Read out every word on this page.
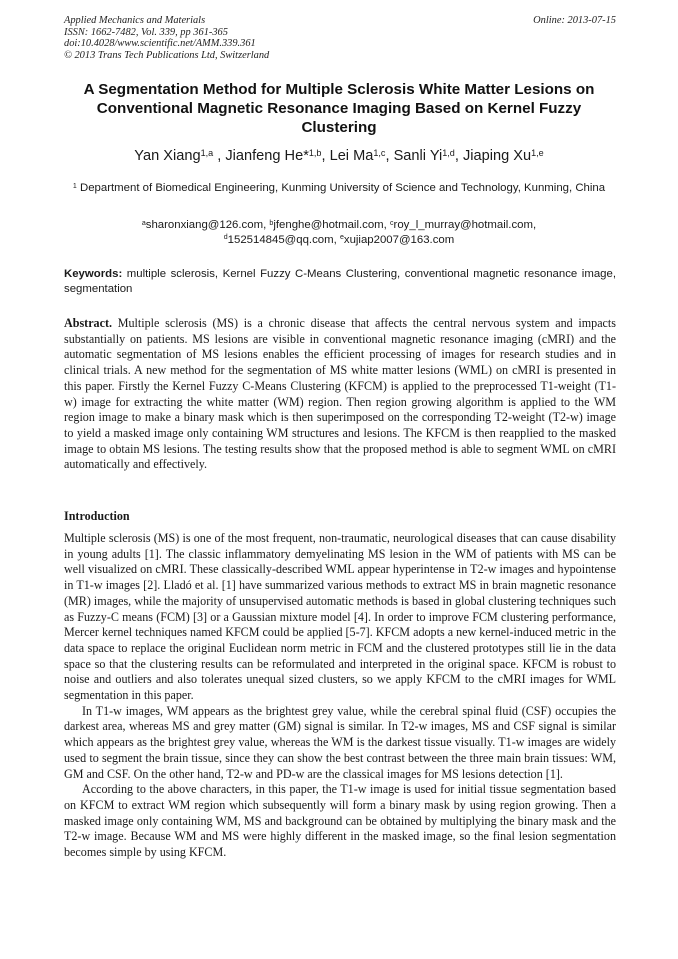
Applied Mechanics and Materials
ISSN: 1662-7482, Vol. 339, pp 361-365
doi:10.4028/www.scientific.net/AMM.339.361
© 2013 Trans Tech Publications Ltd, Switzerland
Online: 2013-07-15
A Segmentation Method for Multiple Sclerosis White Matter Lesions on Conventional Magnetic Resonance Imaging Based on Kernel Fuzzy Clustering
Yan Xiang$^{1,a}$ , Jianfeng He*$^{1,b}$, Lei Ma$^{1,c}$, Sanli Yi$^{1,d}$, Jiaping Xu$^{1,e}$
$^1$ Department of Biomedical Engineering, Kunming University of Science and Technology, Kunming, China
$^a$sharonxiang@126.com, $^b$jfenghe@hotmail.com, $^c$roy_l_murray@hotmail.com,
$^d$152514845@qq.com, $^e$xujiap2007@163.com
Keywords: multiple sclerosis, Kernel Fuzzy C-Means Clustering, conventional magnetic resonance image, segmentation
Abstract. Multiple sclerosis (MS) is a chronic disease that affects the central nervous system and impacts substantially on patients. MS lesions are visible in conventional magnetic resonance imaging (cMRI) and the automatic segmentation of MS lesions enables the efficient processing of images for research studies and in clinical trials. A new method for the segmentation of MS white matter lesions (WML) on cMRI is presented in this paper. Firstly the Kernel Fuzzy C-Means Clustering (KFCM) is applied to the preprocessed T1-weight (T1-w) image for extracting the white matter (WM) region. Then region growing algorithm is applied to the WM region image to make a binary mask which is then superimposed on the corresponding T2-weight (T2-w) image to yield a masked image only containing WM structures and lesions. The KFCM is then reapplied to the masked image to obtain MS lesions. The testing results show that the proposed method is able to segment WML on cMRI automatically and effectively.
Introduction

Multiple sclerosis (MS) is one of the most frequent, non-traumatic, neurological diseases that can cause disability in young adults [1]. The classic inflammatory demyelinating MS lesion in the WM of patients with MS can be well visualized on cMRI. These classically-described WML appear hyperintense in T2-w images and hypointense in T1-w images [2]. Lladó et al. [1] have summarized various methods to extract MS in brain magnetic resonance (MR) images, while the majority of unsupervised automatic methods is based in global clustering techniques such as Fuzzy-C means (FCM) [3] or a Gaussian mixture model [4]. In order to improve FCM clustering performance, Mercer kernel techniques named KFCM could be applied [5-7]. KFCM adopts a new kernel-induced metric in the data space to replace the original Euclidean norm metric in FCM and the clustered prototypes still lie in the data space so that the clustering results can be reformulated and interpreted in the original space. KFCM is robust to noise and outliers and also tolerates unequal sized clusters, so we apply KFCM to the cMRI images for WML segmentation in this paper.

In T1-w images, WM appears as the brightest grey value, while the cerebral spinal fluid (CSF) occupies the darkest area, whereas MS and grey matter (GM) signal is similar. In T2-w images, MS and CSF signal is similar which appears as the brightest grey value, whereas the WM is the darkest tissue visually. T1-w images are widely used to segment the brain tissue, since they can show the best contrast between the three main brain tissues: WM, GM and CSF. On the other hand, T2-w and PD-w are the classical images for MS lesions detection [1].

According to the above characters, in this paper, the T1-w image is used for initial tissue segmentation based on KFCM to extract WM region which subsequently will form a binary mask by using region growing. Then a masked image only containing WM, MS and background can be obtained by multiplying the binary mask and the T2-w image. Because WM and MS were highly different in the masked image, so the final lesion segmentation becomes simple by using KFCM.
